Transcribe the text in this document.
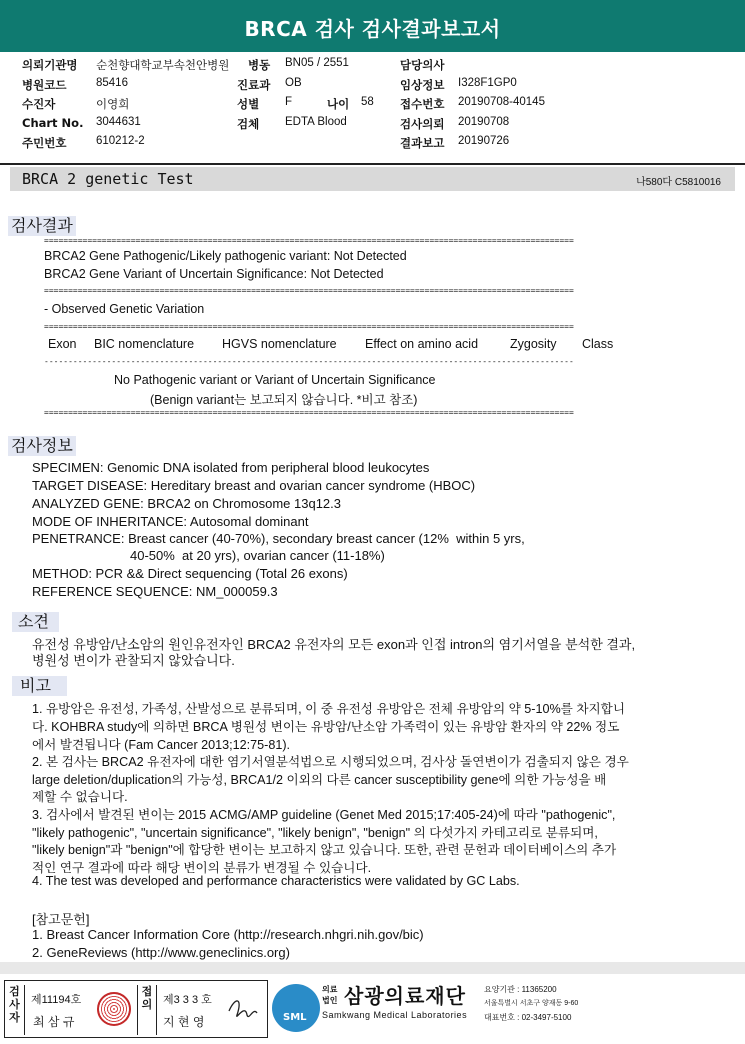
BRCA 검사 검사결과보고서
의뢰기관명 순천향대학교부속천안병원
병원코드	85416
수진자	이영희
Chart No. 3044631
주민번호	610212-2
병동 BN05 / 2551
진료과 OB
성별 F	나이 58
검체 EDTA Blood
담당의사
임상정보 I328F1GP0
접수번호 20190708-40145
검사의뢰 20190708
결과보고 20190726
BRCA 2 genetic Test	나580다 C5810016
검사결과
==============================================================================================================
BRCA2 Gene Pathogenic/Likely pathogenic variant: Not Detected
BRCA2 Gene Variant of Uncertain Significance: Not Detected
==============================================================================================================
- Observed Genetic Variation
==============================================================================================================
Exon BIC nomenclature HGVS nomenclature Effect on amino acid	Zygosity Class
--------------------------------------------------------------------------------------------------------------
No Pathogenic variant or Variant of Uncertain Significance
(Benign variant는 보고되지 않습니다. *비고 참조)
==============================================================================================================
검사정보
SPECIMEN: Genomic DNA isolated from peripheral blood leukocytes
TARGET DISEASE: Hereditary breast and ovarian cancer syndrome (HBOC)
ANALYZED GENE: BRCA2 on Chromosome 13q12.3
MODE OF INHERITANCE: Autosomal dominant
PENETRANCE: Breast cancer (40-70%), secondary breast cancer (12%  within 5 yrs,
40-50%  at 20 yrs), ovarian cancer (11-18%)
METHOD: PCR && Direct sequencing (Total 26 exons)
REFERENCE SEQUENCE: NM_000059.3
소견
유전성 유방암/난소암의 원인유전자인 BRCA2 유전자의 모든 exon과 인접 intron의 염기서열을 분석한 결과,
병원성 변이가 관찰되지 않았습니다.
비고
1. 유방암은 유전성, 가족성, 산발성으로 분류되며, 이 중 유전성 유방암은 전체 유방암의 약 5-10%를 차지합니
다. KOHBRA study에 의하면 BRCA 병원성 변이는 유방암/난소암 가족력이 있는 유방암 환자의 약 22% 정도
에서 발견됩니다 (Fam Cancer 2013;12:75-81).
2. 본 검사는 BRCA2 유전자에 대한 염기서열분석법으로 시행되었으며, 검사상 돌연변이가 검출되지 않은 경우
large deletion/duplication의 가능성, BRCA1/2 이외의 다른 cancer susceptibility gene에 의한 가능성을 배
제할 수 없습니다.
3. 검사에서 발견된 변이는 2015 ACMG/AMP guideline (Genet Med 2015;17:405-24)에 따라 "pathogenic",
"likely pathogenic", "uncertain significance", "likely benign", "benign" 의 다섯가지 카테고리로 분류되며,
"likely benign"과 "benign"에 합당한 변이는 보고하지 않고 있습니다. 또한, 관련 문헌과 데이터베이스의 추가
적인 연구 결과에 따라 해당 변이의 분류가 변경될 수 있습니다.
4. The test was developed and performance characteristics were validated by GC Labs.
[참고문헌]
1. Breast Cancer Information Core (http://research.nhgri.nih.gov/bic)
2. GeneReviews (http://www.geneclinics.org)
검사자
제11194호
최 삼 규
접의 제3 3 3 호
지 현 영	SML
의료
법인 삼광의료재단
Samkwang Medical Laboratories
요양기관 : 11365200
서울특별시 서초구 양재동 9-60
대표번호 : 02-3497-5100
